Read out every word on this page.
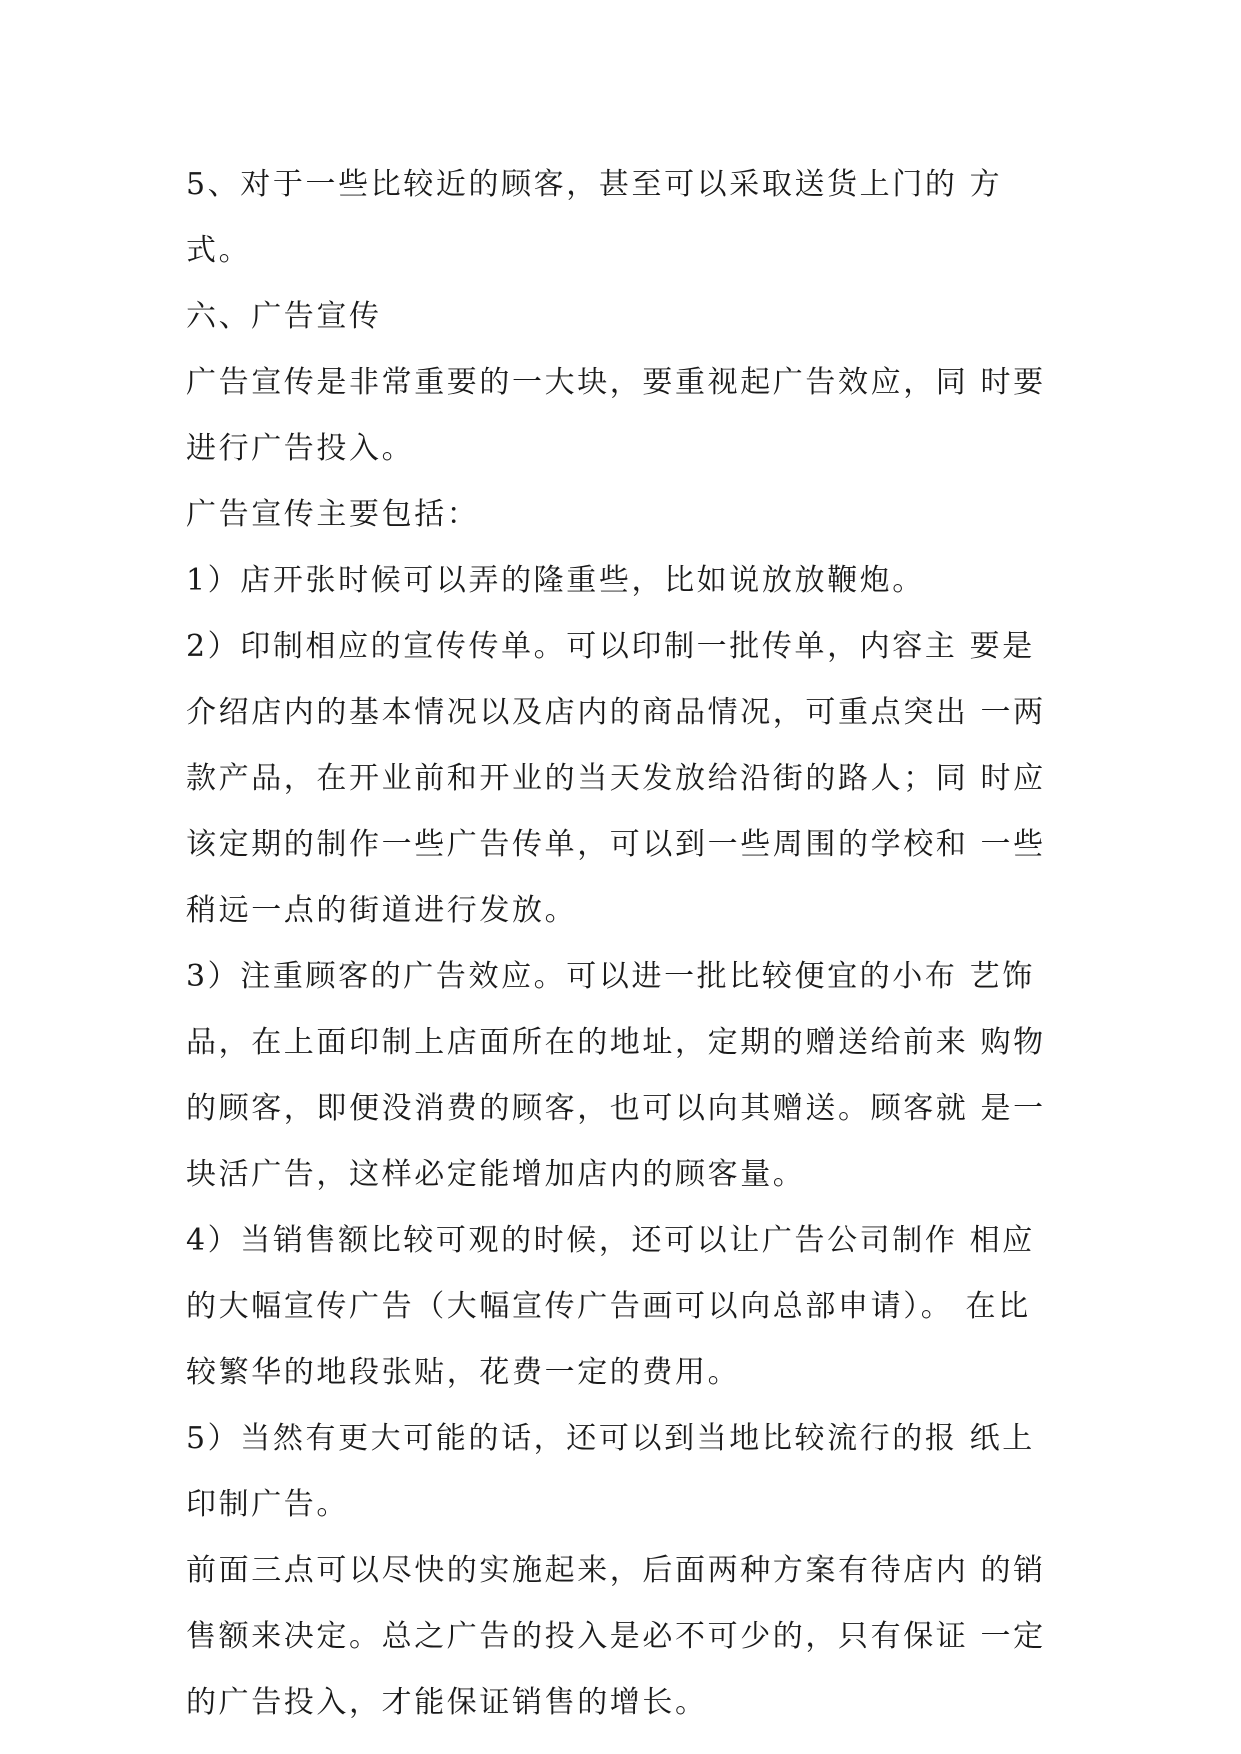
5、对于一些比较近的顾客，甚至可以采取送货上门的 方式。
六、广告宣传
广告宣传是非常重要的一大块，要重视起广告效应，同 时要进行广告投入。
广告宣传主要包括：
1）店开张时候可以弄的隆重些，比如说放放鞭炮。
2）印制相应的宣传传单。可以印制一批传单，内容主 要是介绍店内的基本情况以及店内的商品情况，可重点突出 一两款产品，在开业前和开业的当天发放给沿街的路人；同 时应该定期的制作一些广告传单，可以到一些周围的学校和 一些稍远一点的街道进行发放。
3）注重顾客的广告效应。可以进一批比较便宜的小布 艺饰品，在上面印制上店面所在的地址，定期的赠送给前来 购物的顾客，即便没消费的顾客，也可以向其赠送。顾客就 是一块活广告，这样必定能增加店内的顾客量。
4）当销售额比较可观的时候，还可以让广告公司制作 相应的大幅宣传广告（大幅宣传广告画可以向总部申请）。 在比较繁华的地段张贴，花费一定的费用。
5）当然有更大可能的话，还可以到当地比较流行的报 纸上印制广告。
前面三点可以尽快的实施起来，后面两种方案有待店内 的销售额来决定。总之广告的投入是必不可少的，只有保证 一定的广告投入，才能保证销售的增长。
